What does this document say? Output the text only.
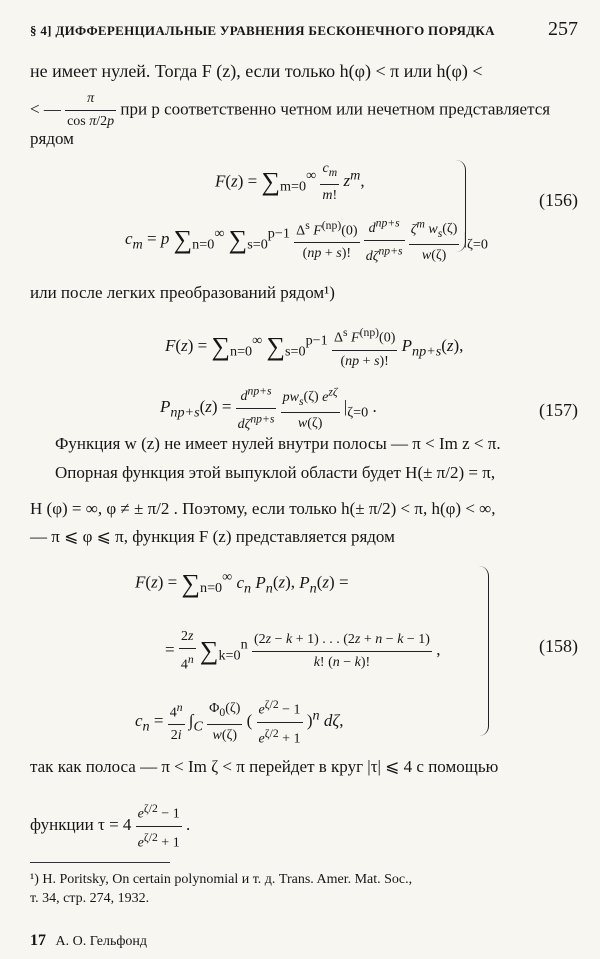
§ 4] ДИФФЕРЕНЦИАЛЬНЫЕ УРАВНЕНИЯ БЕСКОНЕЧНОГО ПОРЯДКА	257
не имеет нулей. Тогда F (z), если только h(φ) < π или h(φ) <
< — $\frac{\pi}{\text{cos π/2p}}$ при p соответственно четном или нечетном представляется
рядом
$F(z) = \sum_{m=0}^\infty \frac{c_m}{m!} z^m$,
$c_m = p$ $\sum_{n=0}^\infty$ $\sum_{s=0}^{p-1} \frac{\Delta^s F^{(np)}(0)}{(np + s)!}$
$\frac{d^{np+s}}{d\zeta^{np+s}}$
$\frac{\zeta^m w_s(\zeta)}{w(\zeta)} |_{\zeta=0}$
(156)
или после легких преобразований рядом¹)
$F(z) = \sum_{n=0}^\infty$ $\sum_{s=0}^{p-1} \frac{\Delta^s F^{(np)}(0)}{(np + s)!} P_{np+s}(z)$,
$P_{np+s}(z) = \frac{d^{np+s}}{d\zeta^{np+s}}$
$\frac{pw_s(\zeta) e^{z\zeta}}{w(\zeta)} |_{\zeta=0}$ .	(157)
Функция w (z) не имеет нулей внутри полосы — π < Im z < π.
Опорная функция этой выпуклой области будет H(± π/2) = π,
H (φ) = ∞, φ ≠ ± π/2 . Поэтому, если только h(± π/2) < π, h(φ) < ∞,
— π ⩽ φ ⩽ π, функция F (z) представляется рядом
$F(z) = \sum_{n=0}^\infty$ $c_n$ $P_n(z)$, $P_n(z)$ =
= $\frac{2z}{4^n} \sum_{k=0}^n \frac{(2z - k + 1) . . . (2z + n - k - 1)}{k! (n - k)!}$ ,
$c_n = \frac{4^n}{2i} \int_C \frac{\Phi_0(\zeta)}{w(\zeta)}$ ( $\frac{e^{\zeta/2} - 1}{e^{\zeta/2} + 1} )^n$ dζ,
(158)
так как полоса — π < Im ζ < π перейдет в круг |τ| ⩽ 4 с помощью
функции $\tau = 4 \frac{e^{\zeta/2} - 1}{e^{\zeta/2} + 1}$ .
¹) H. Poritsky, On certain polynomial и т. д. Trans. Amer. Mat. Soc.,
т. 34, стр. 274, 1932.
17 А. О. Гельфонд
